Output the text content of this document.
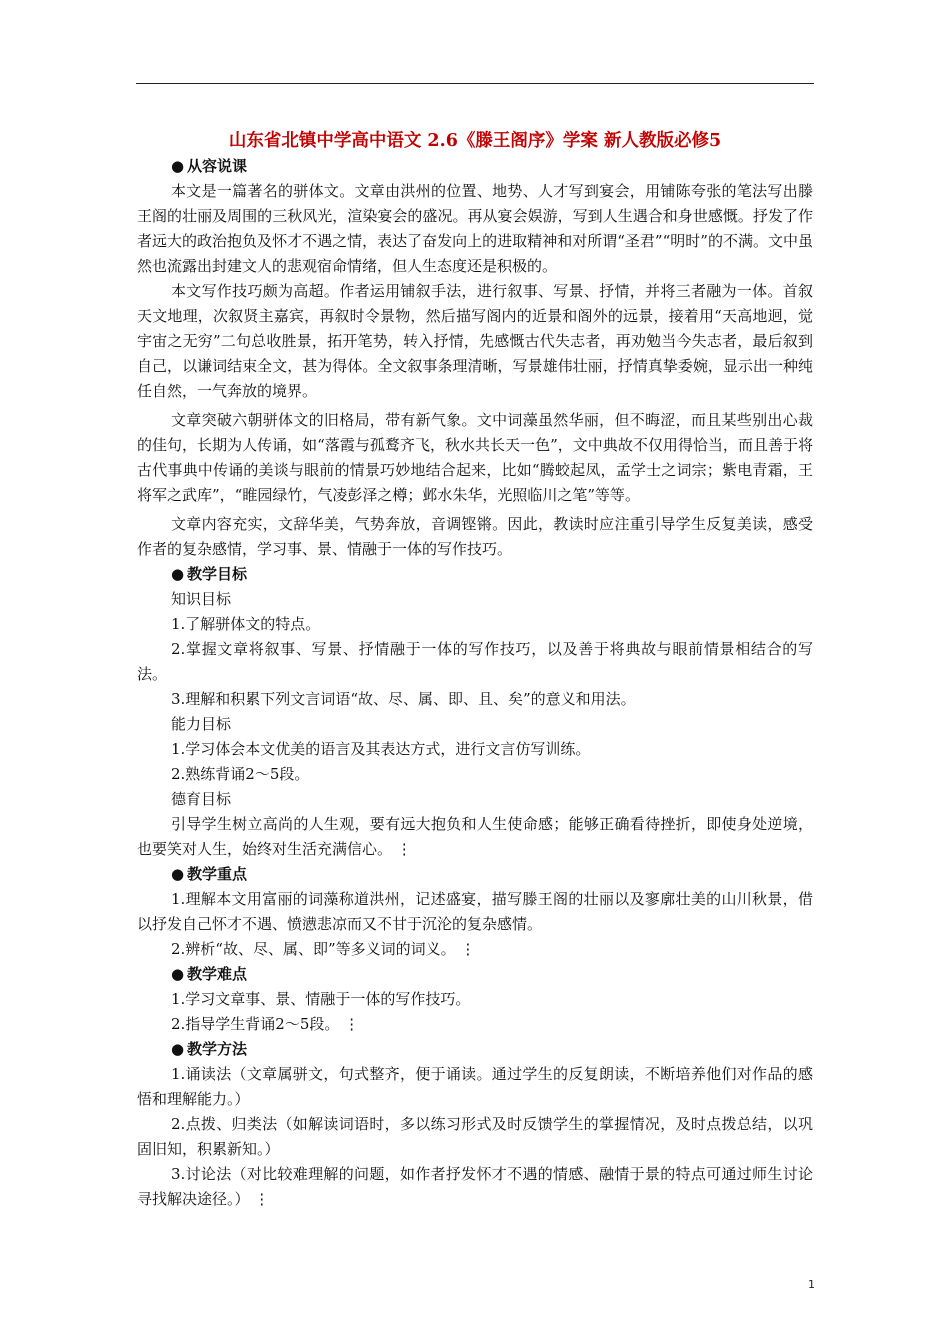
山东省北镇中学高中语文 2.6《滕王阁序》学案 新人教版必修5
● 从容说课

本文是一篇著名的骈体文。文章由洪州的位置、地势、人才写到宴会，用铺陈夸张的笔法写出滕王阁的壮丽及周围的三秋风光，渲染宴会的盛况。再从宴会娱游，写到人生遇合和身世感慨。抒发了作者远大的政治抱负及怀才不遇之情，表达了奋发向上的进取精神和对所谓“圣君”“明时”的不满。文中虽然也流露出封建文人的悲观宿命情绪，但人生态度还是积极的。

本文写作技巧颇为高超。作者运用铺叙手法，进行叙事、写景、抒情，并将三者融为一体。首叙天文地理，次叙贤主嘉宾，再叙时令景物，然后描写阁内的近景和阁外的远景，接着用“天高地迥，觉宇宙之无穷”二句总收胜景，拓开笔势，转入抒情，先感慨古代失志者，再劝勉当今失志者，最后叙到自己，以谦词结束全文，甚为得体。全文叙事条理清晰，写景雄伟壮丽，抒情真挚委婉，显示出一种纯任自然，一气奔放的境界。

文章突破六朝骈体文的旧格局，带有新气象。文中词藻虽然华丽，但不晦涩，而且某些别出心裁的佳句，长期为人传诵，如“落霞与孤鹜齐飞，秋水共长天一色”，文中典故不仅用得恰当，而且善于将古代事典中传诵的美谈与眼前的情景巧妙地结合起来，比如“腾蛟起凤，孟学士之词宗；紫电青霜，王将军之武库”，“睢园绿竹，气凌彭泽之樽；邺水朱华，光照临川之笔”等等。

文章内容充实，文辞华美，气势奔放，音调铿锵。因此，教读时应注重引导学生反复美读，感受作者的复杂感情，学习事、景、情融于一体的写作技巧。

● 教学目标

知识目标

1.了解骈体文的特点。

2.掌握文章将叙事、写景、抒情融于一体的写作技巧，以及善于将典故与眼前情景相结合的写法。

3.理解和积累下列文言词语“故、尽、属、即、且、矣”的意义和用法。

能力目标

1.学习体会本文优美的语言及其表达方式，进行文言仿写训练。

2.熟练背诵2～5段。

德育目标

引导学生树立高尚的人生观，要有远大抱负和人生使命感；能够正确看待挫折，即使身处逆境，也要笑对人生，始终对生活充满信心。 ⋮

● 教学重点

1.理解本文用富丽的词藻称道洪州，记述盛宴，描写滕王阁的壮丽以及寥廓壮美的山川秋景，借以抒发自己怀才不遇、愤懑悲凉而又不甘于沉沦的复杂感情。

2.辨析“故、尽、属、即”等多义词的词义。 ⋮

● 教学难点

1.学习文章事、景、情融于一体的写作技巧。

2.指导学生背诵2～5段。 ⋮

● 教学方法

1.诵读法（文章属骈文，句式整齐，便于诵读。通过学生的反复朗读，不断培养他们对作品的感悟和理解能力。）

2.点拨、归类法（如解读词语时，多以练习形式及时反馈学生的掌握情况，及时点拨总结，以巩固旧知，积累新知。）

3.讨论法（对比较难理解的问题，如作者抒发怀才不遇的情感、融情于景的特点可通过师生讨论寻找解决途径。） ⋮

1
